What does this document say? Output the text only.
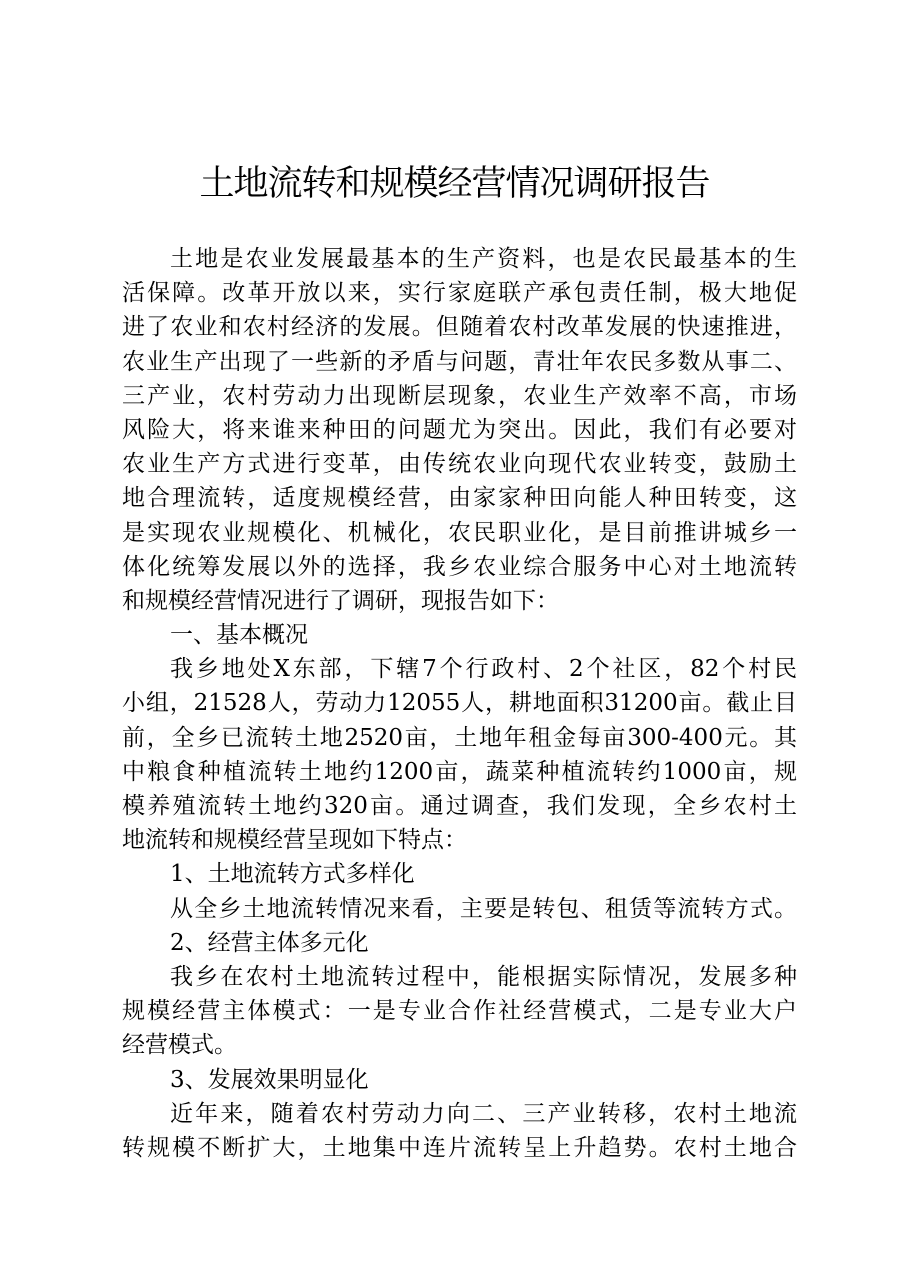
土地流转和规模经营情况调研报告
土地是农业发展最基本的生产资料，也是农民最基本的生
活保障。改革开放以来，实行家庭联产承包责任制，极大地促
进了农业和农村经济的发展。但随着农村改革发展的快速推进，
农业生产出现了一些新的矛盾与问题，青壮年农民多数从事二、
三产业，农村劳动力出现断层现象，农业生产效率不高，市场
风险大，将来谁来种田的问题尤为突出。因此，我们有必要对
农业生产方式进行变革，由传统农业向现代农业转变，鼓励土
地合理流转，适度规模经营，由家家种田向能人种田转变，这
是实现农业规模化、机械化，农民职业化，是目前推讲城乡一
体化统筹发展以外的选择，我乡农业综合服务中心对土地流转
和规模经营情况进行了调研，现报告如下：
一、基本概况
我乡地处X东部，下辖7个行政村、2个社区，82个村民
小组，21528人，劳动力12055人，耕地面积31200亩。截止目
前，全乡已流转土地2520亩，土地年租金每亩300-400元。其
中粮食种植流转土地约1200亩，蔬菜种植流转约1000亩，规
模养殖流转土地约320亩。通过调查，我们发现，全乡农村土
地流转和规模经营呈现如下特点：
1、土地流转方式多样化
从全乡土地流转情况来看，主要是转包、租赁等流转方式。
2、经营主体多元化
我乡在农村土地流转过程中，能根据实际情况，发展多种
规模经营主体模式：一是专业合作社经营模式，二是专业大户
经营模式。
3、发展效果明显化
近年来，随着农村劳动力向二、三产业转移，农村土地流
转规模不断扩大，土地集中连片流转呈上升趋势。农村土地合
